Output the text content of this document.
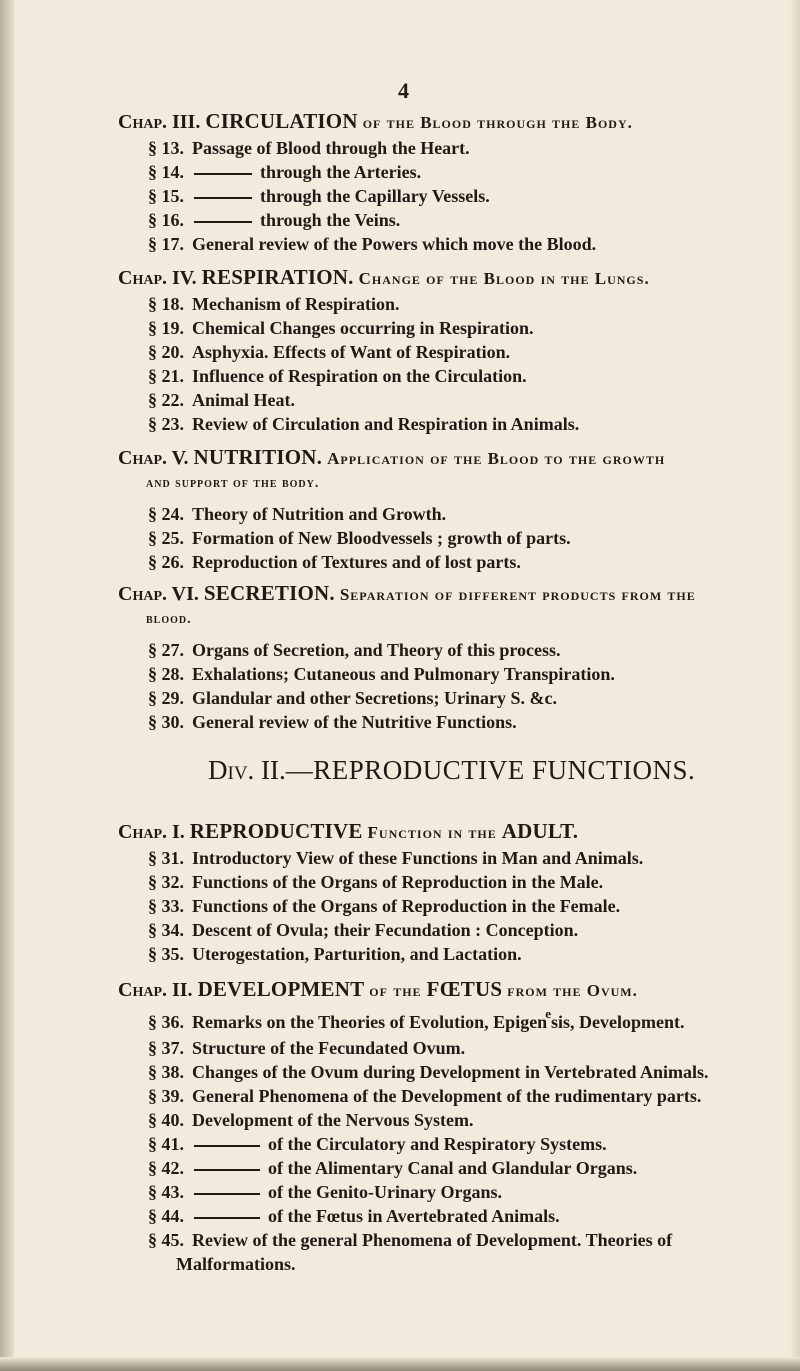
4
Chap. III. CIRCULATION of the Blood through the Body.
§ 13. Passage of Blood through the Heart.
§ 14.	through the Arteries.
§ 15.	through the Capillary Vessels.
§ 16.	through the Veins.
§ 17. General review of the Powers which move the Blood.
Chap. IV. RESPIRATION. Change of the Blood in the Lungs.
§ 18. Mechanism of Respiration.
§ 19. Chemical Changes occurring in Respiration.
§ 20. Asphyxia. Effects of Want of Respiration.
§ 21. Influence of Respiration on the Circulation.
§ 22. Animal Heat.
§ 23. Review of Circulation and Respiration in Animals.
Chap. V. NUTRITION. Application of the Blood to the growth
and support of the body.
§ 24. Theory of Nutrition and Growth.
§ 25. Formation of New Bloodvessels ; growth of parts.
§ 26. Reproduction of Textures and of lost parts.
Chap. VI. SECRETION. Separation of different products from the
blood.
§ 27. Organs of Secretion, and Theory of this process.
§ 28. Exhalations; Cutaneous and Pulmonary Transpiration.
§ 29. Glandular and other Secretions; Urinary S. &c.
§ 30. General review of the Nutritive Functions.
Div. II.—REPRODUCTIVE FUNCTIONS.
Chap. I. REPRODUCTIVE Function in the ADULT.
§ 31. Introductory View of these Functions in Man and Animals.
§ 32. Functions of the Organs of Reproduction in the Male.
§ 33. Functions of the Organs of Reproduction in the Female.
§ 34. Descent of Ovula; their Fecundation : Conception.
§ 35. Uterogestation, Parturition, and Lactation.
Chap. II. DEVELOPMENT of the FŒTUS from the Ovum.
§ 36. Remarks on the Theories of Evolution, Epigen$^e$sis, Development.
§ 37. Structure of the Fecundated Ovum.
§ 38. Changes of the Ovum during Development in Vertebrated Animals.
§ 39. General Phenomena of the Development of the rudimentary parts.
§ 40. Development of the Nervous System.
§ 41.	of the Circulatory and Respiratory Systems.
§ 42.	of the Alimentary Canal and Glandular Organs.
§ 43.	of the Genito-Urinary Organs.
§ 44.	of the Fœtus in Avertebrated Animals.
§ 45. Review of the general Phenomena of Development. Theories of
Malformations.
